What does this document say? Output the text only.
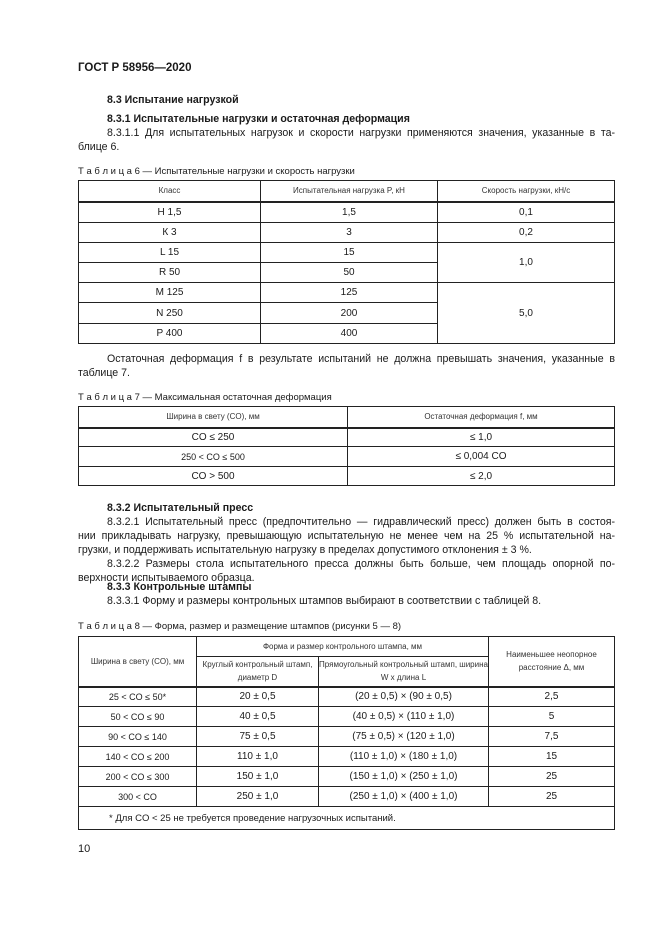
ГОСТ Р 58956—2020
8.3 Испытание нагрузкой
8.3.1 Испытательные нагрузки и остаточная деформация
8.3.1.1 Для испытательных нагрузок и скорости нагрузки применяются значения, указанные в та-
блице 6.
Т а б л и ц а 6 — Испытательные нагрузки и скорость нагрузки
Класс	Испытательная нагрузка P, кН	Скорость нагрузки, кН/с
Н 1,5	1,5	0,1
К 3	3	0,2
L 15	15	1,0
R 50	50	
M 125	125	5,0
N 250	200	
P 400	400	
Остаточная деформация f в результате испытаний не должна превышать значения, указанные в
таблице 7.
Т а б л и ц а 7 — Максимальная остаточная деформация
Ширина в свету (CO), мм	Остаточная деформация f, мм
CO ≤ 250	≤ 1,0
250 < CO ≤ 500	≤ 0,004 CO
CO > 500	≤ 2,0
8.3.2 Испытательный пресс
8.3.2.1 Испытательный пресс (предпочтительно — гидравлический пресс) должен быть в состоя-
нии прикладывать нагрузку, превышающую испытательную не менее чем на 25 % испытательной на-
грузки, и поддерживать испытательную нагрузку в пределах допустимого отклонения ± 3 %.
8.3.2.2 Размеры стола испытательного пресса должны быть больше, чем площадь опорной по-
верхности испытываемого образца.
8.3.3 Контрольные штампы
8.3.3.1 Форму и размеры контрольных штампов выбирают в соответствии с таблицей 8.
Т а б л и ц а 8 — Форма, размер и размещение штампов (рисунки 5 — 8)
Ширина в свету (CO), мм	Форма и размер контрольного штампа, мм		Наименьшее неопорное расстояние Δ, мм
	Круглый контрольный штамп, диаметр D	Прямоугольный контрольный штамп, ширина W x длина L	
25 < CO ≤ 50*	20 ± 0,5	(20 ± 0,5) × (90 ± 0,5)	2,5
50 < CO ≤ 90	40 ± 0,5	(40 ± 0,5) × (110 ± 1,0)	5
90 < CO ≤ 140	75 ± 0,5	(75 ± 0,5) × (120 ± 1,0)	7,5
140 < CO ≤ 200	110 ± 1,0	(110 ± 1,0) × (180 ± 1,0)	15
200 < CO ≤ 300	150 ± 1,0	(150 ± 1,0) × (250 ± 1,0)	25
300 < CO	250 ± 1,0	(250 ± 1,0) × (400 ± 1,0)	25
* Для CO < 25 не требуется проведение нагрузочных испытаний.			
10
